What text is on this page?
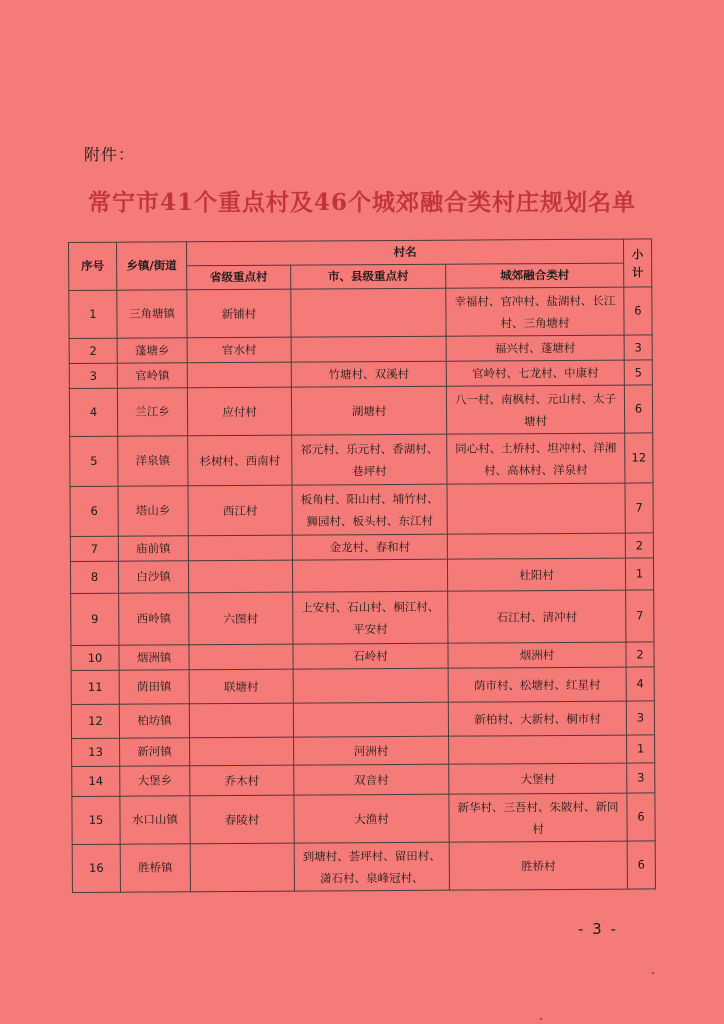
附件：
常宁市41个重点村及46个城郊融合类村庄规划名单
序号	乡镇/街道	村名			小计
		省级重点村	市、县级重点村	城郊融合类村	
1	三角塘镇	新铺村		幸福村、官冲村、盐湖村、长江村、三角塘村	6
2	蓬塘乡	官水村		福兴村、蓬塘村	3
3	官岭镇		竹塘村、双溪村	官岭村、七龙村、中康村	5
4	兰江乡	应付村	湖塘村	八一村、南枫村、元山村、太子塘村	6
5	洋泉镇	杉树村、西南村	祁元村、乐元村、香湖村、巷坪村	同心村、土桥村、坦冲村、洋湘村、高林村、洋泉村	12
6	塔山乡	西江村	板角村、阳山村、埔竹村、狮园村、板头村、东江村		7
7	庙前镇		金龙村、春和村		2
8	白沙镇			杜阳村	1
9	西岭镇	六图村	上安村、石山村、桐江村、平安村	石江村、清冲村	7
10	烟洲镇		石岭村	烟洲村	2
11	荫田镇	联塘村		荫市村、松塘村、红星村	4
12	柏坊镇			新柏村、大新村、桐市村	3
13	新河镇		河洲村		1
14	大堡乡	乔木村	双音村	大堡村	3
15	水口山镇	春陵村	大渔村	新华村、三吾村、朱陂村、新同村	6
16	胜桥镇		到塘村、荟坪村、留田村、潇石村、泉峰冠村、	胜桥村	6
- 3 -
